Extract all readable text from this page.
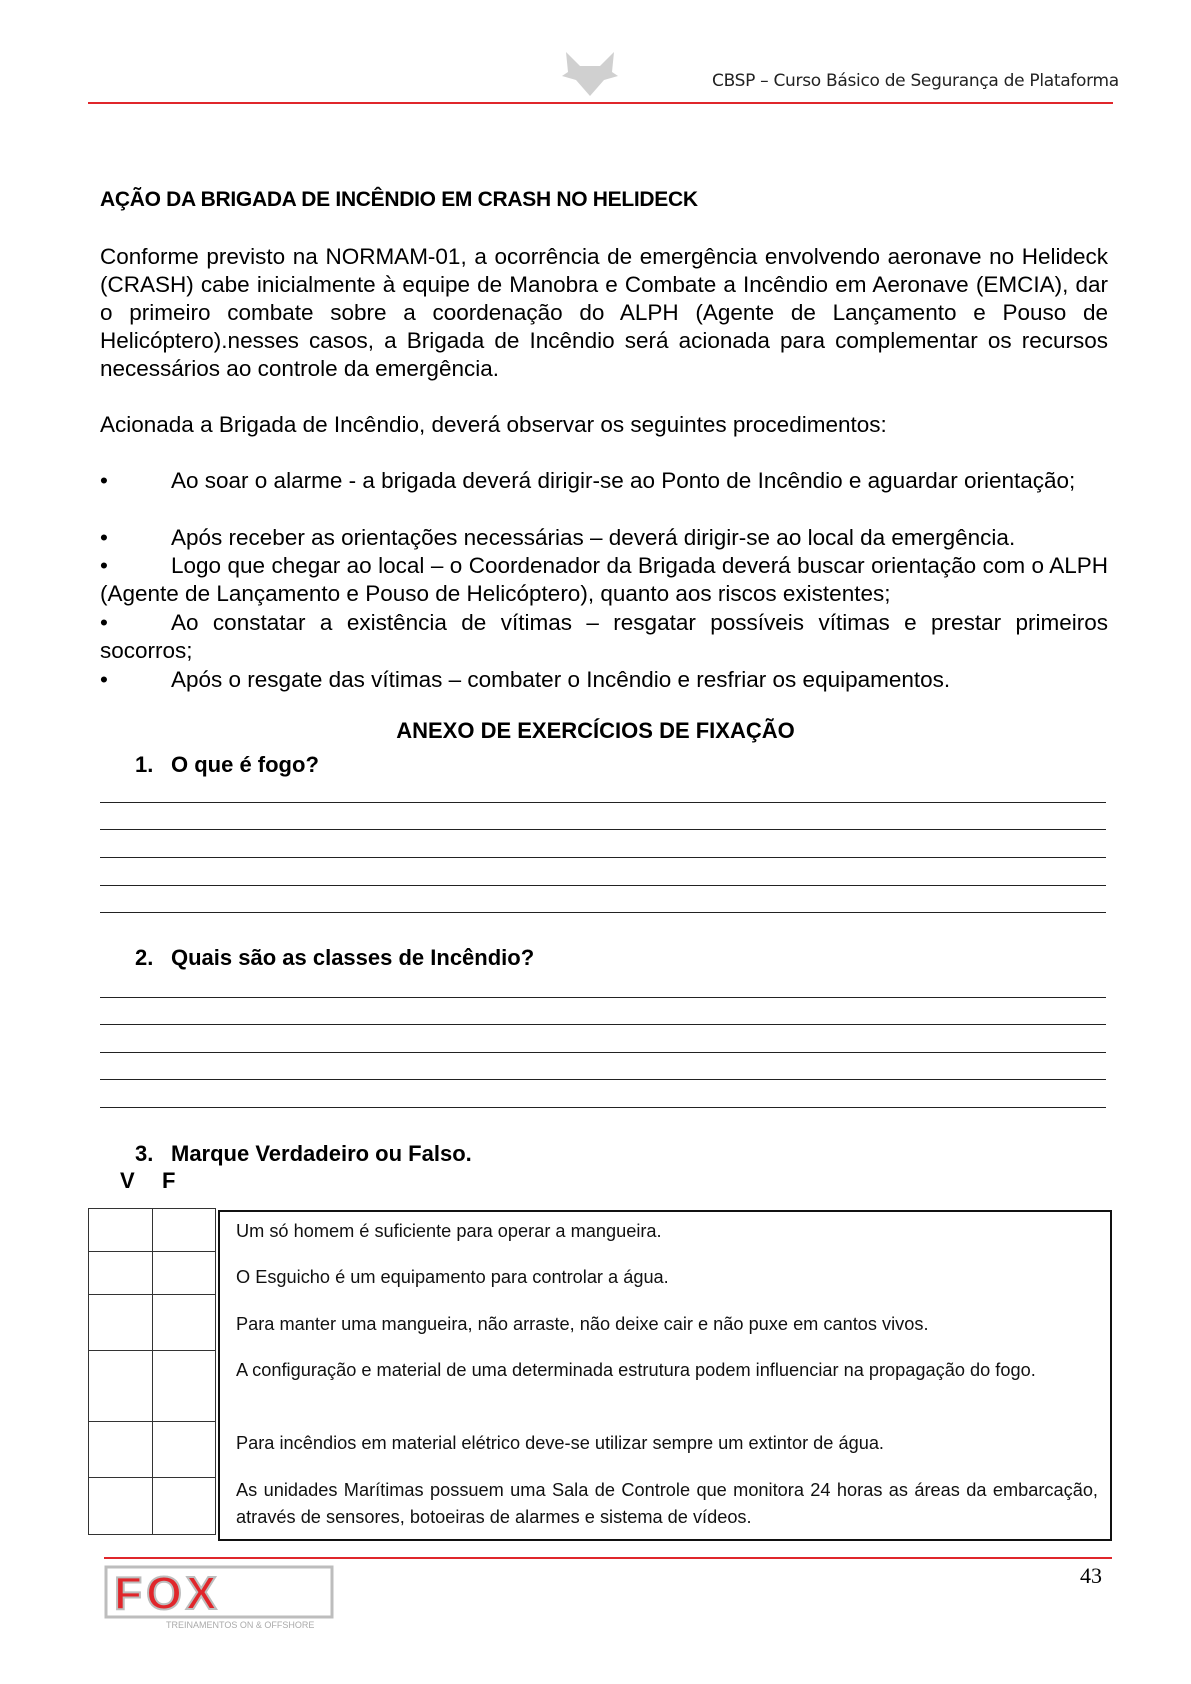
CBSP – Curso Básico de Segurança de Plataforma
AÇÃO DA BRIGADA DE INCÊNDIO EM CRASH NO HELIDECK

Conforme previsto na NORMAM-01, a ocorrência de emergência envolvendo aeronave no Helideck (CRASH) cabe inicialmente à equipe de Manobra e Combate a Incêndio em Aeronave (EMCIA), dar o primeiro combate sobre a coordenação do ALPH (Agente de Lançamento e Pouso de Helicóptero).nesses casos, a Brigada de Incêndio será acionada para complementar os recursos necessários ao controle da emergência.

Acionada a Brigada de Incêndio, deverá observar os seguintes procedimentos:

•	Ao soar o alarme - a brigada deverá dirigir-se ao Ponto de Incêndio e aguardar orientação;
•	Após receber as orientações necessárias – deverá dirigir-se ao local da emergência.
•	Logo que chegar ao local – o Coordenador da Brigada deverá buscar orientação com o ALPH (Agente de Lançamento e Pouso de Helicóptero), quanto aos riscos existentes;
•	Ao constatar a existência de vítimas – resgatar possíveis vítimas e prestar primeiros socorros;
•	Após o resgate das vítimas – combater o Incêndio e resfriar os equipamentos.
ANEXO DE EXERCÍCIOS DE FIXAÇÃO

1. O que é fogo?

2. Quais são as classes de Incêndio?

3. Marque Verdadeiro ou Falso.

V F

Um só homem é suficiente para operar a mangueira.

O Esguicho é um equipamento para controlar a água.

Para manter uma mangueira, não arraste, não deixe cair e não puxe em cantos vivos.

A configuração e material de uma determinada estrutura podem influenciar na propagação do fogo.

Para incêndios em material elétrico deve-se utilizar sempre um extintor de água.

As unidades Marítimas possuem uma Sala de Controle que monitora 24 horas as áreas da embarcação, através de sensores, botoeiras de alarmes e sistema de vídeos.

FOX
TREINAMENTOS ON & OFFSHORE
43
